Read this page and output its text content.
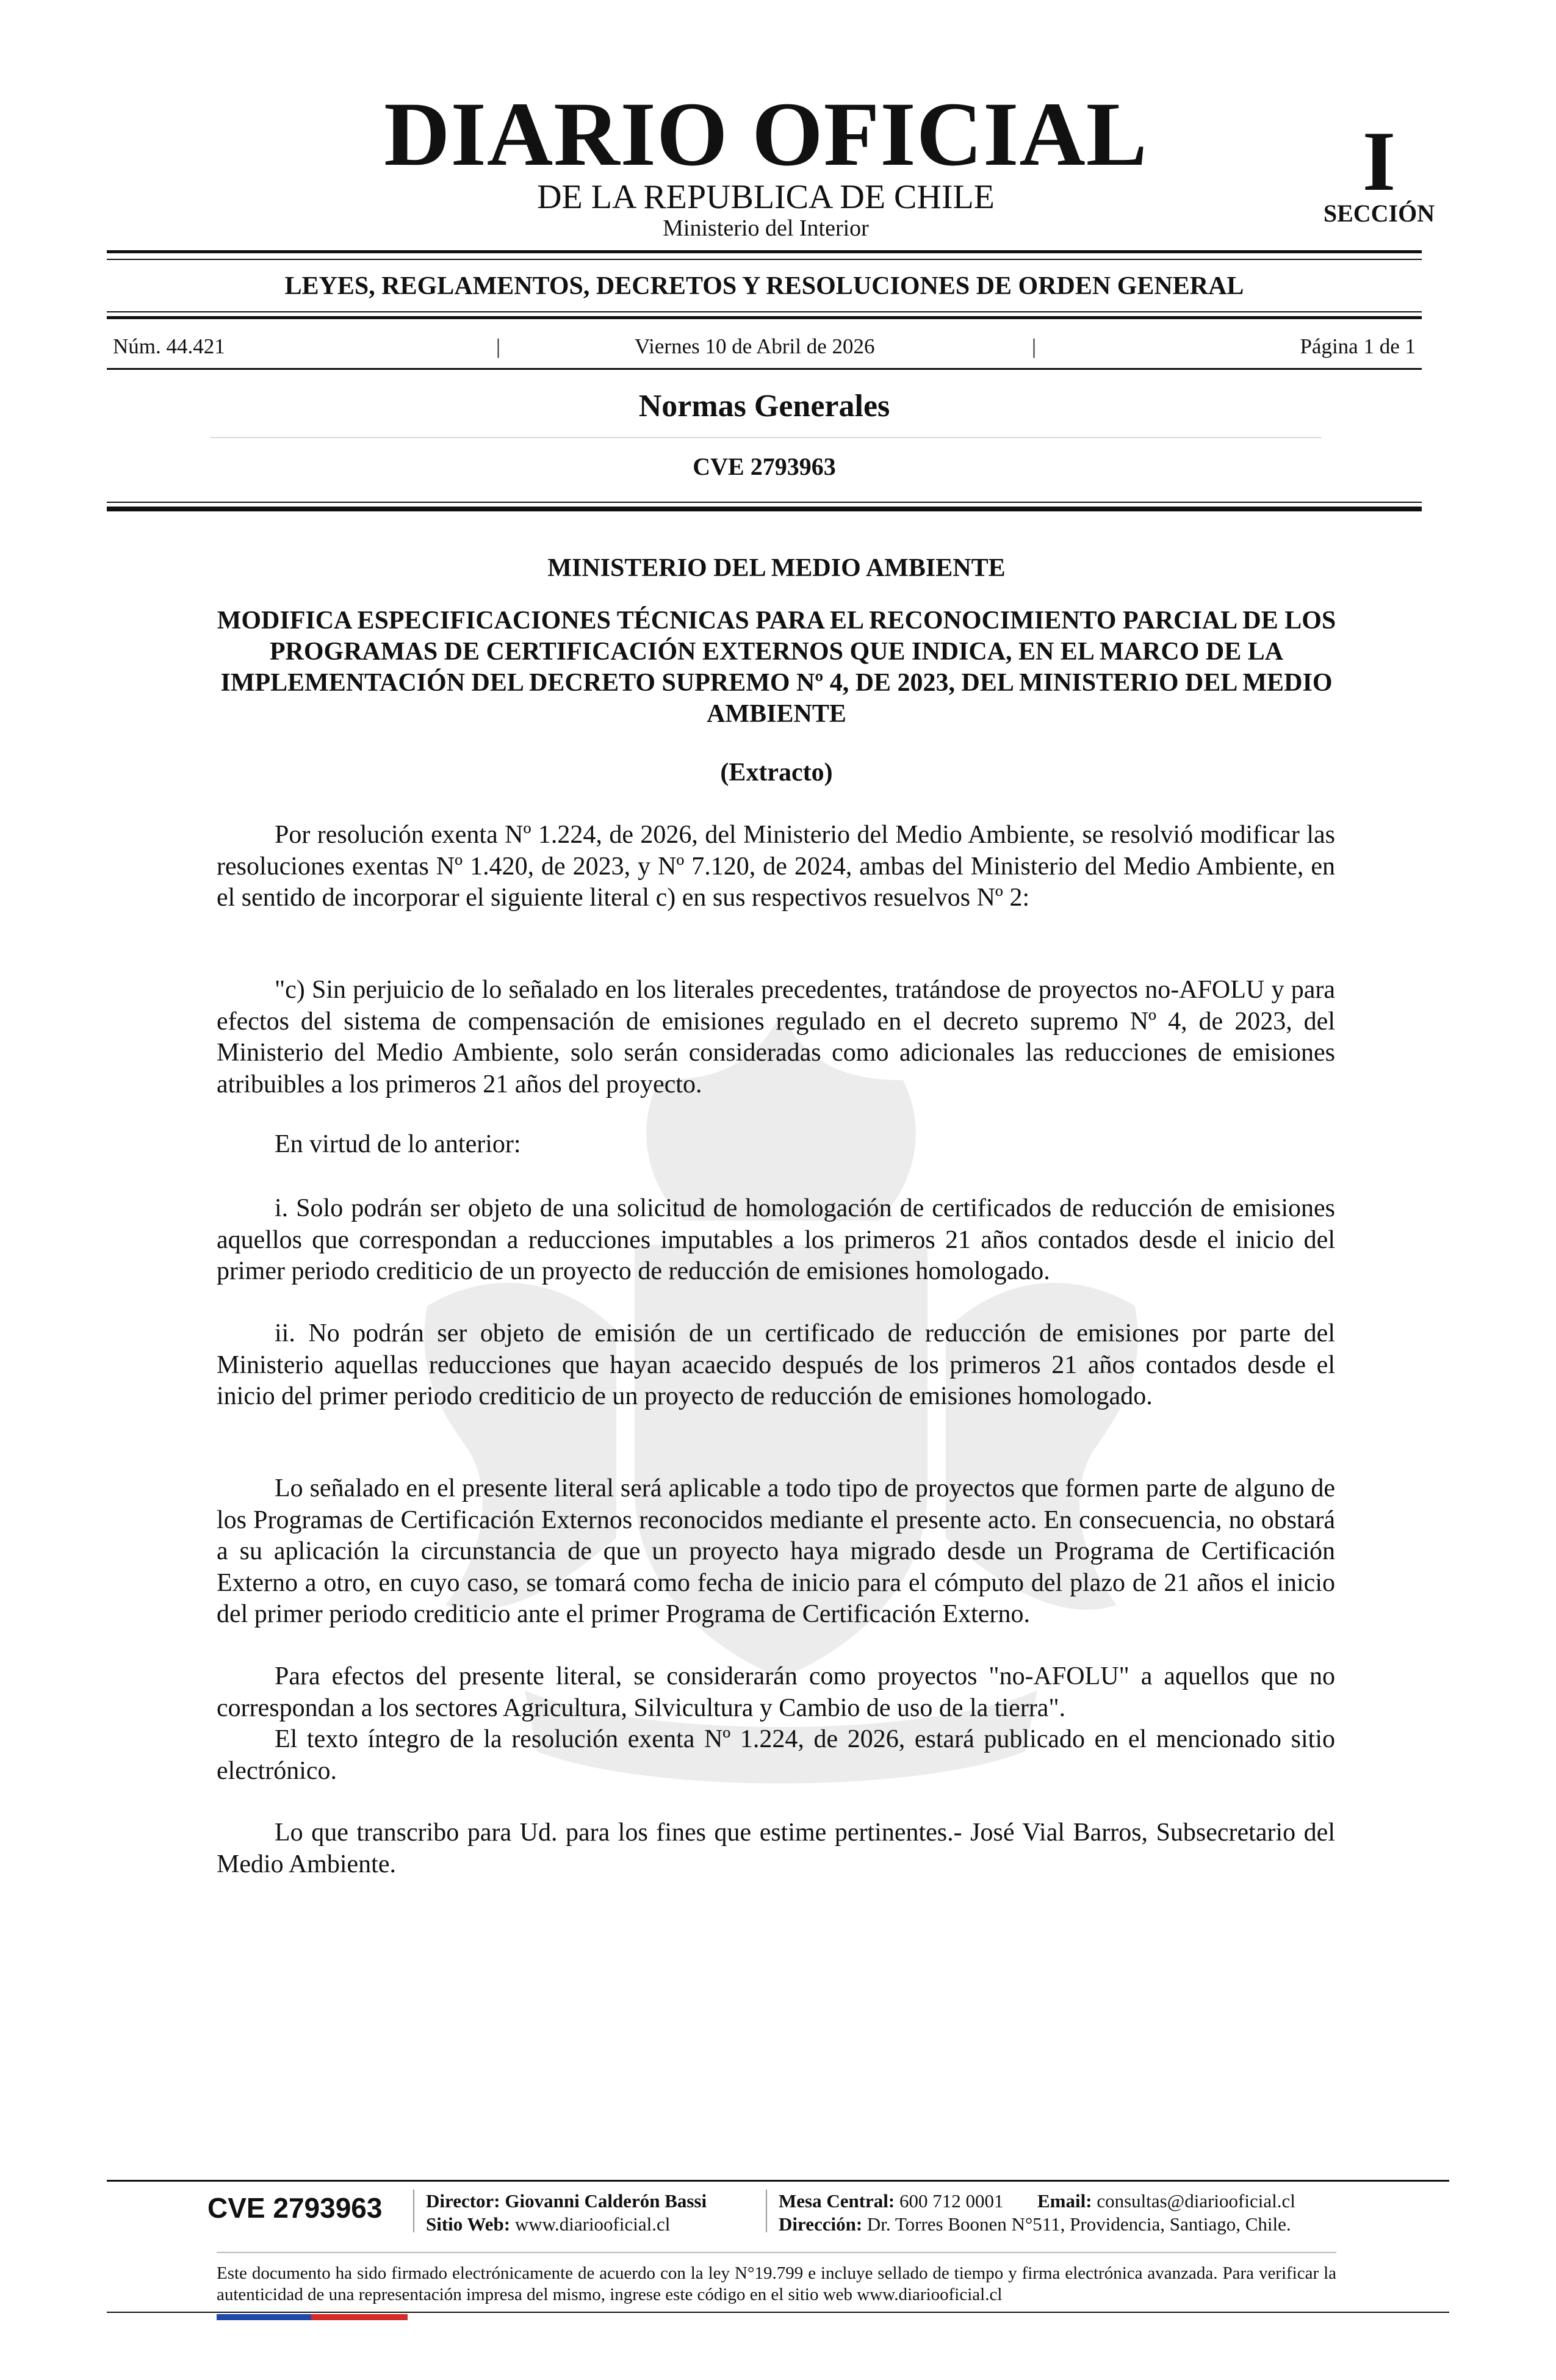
DIARIO OFICIAL
DE LA REPUBLICA DE CHILE
Ministerio del Interior
I
SECCIÓN
LEYES, REGLAMENTOS, DECRETOS Y RESOLUCIONES DE ORDEN GENERAL
Núm. 44.421	|	Viernes 10 de Abril de 2026	|	Página 1 de 1
Normas Generales
CVE 2793963
MINISTERIO DEL MEDIO AMBIENTE
MODIFICA ESPECIFICACIONES TÉCNICAS PARA EL RECONOCIMIENTO PARCIAL DE LOS PROGRAMAS DE CERTIFICACIÓN EXTERNOS QUE INDICA, EN EL MARCO DE LA IMPLEMENTACIÓN DEL DECRETO SUPREMO Nº 4, DE 2023, DEL MINISTERIO DEL MEDIO AMBIENTE
(Extracto)

Por resolución exenta Nº 1.224, de 2026, del Ministerio del Medio Ambiente, se resolvió modificar las resoluciones exentas Nº 1.420, de 2023, y Nº 7.120, de 2024, ambas del Ministerio del Medio Ambiente, en el sentido de incorporar el siguiente literal c) en sus respectivos resuelvos Nº 2:

"c) Sin perjuicio de lo señalado en los literales precedentes, tratándose de proyectos no-AFOLU y para efectos del sistema de compensación de emisiones regulado en el decreto supremo Nº 4, de 2023, del Ministerio del Medio Ambiente, solo serán consideradas como adicionales las reducciones de emisiones atribuibles a los primeros 21 años del proyecto.

En virtud de lo anterior:

i. Solo podrán ser objeto de una solicitud de homologación de certificados de reducción de emisiones aquellos que correspondan a reducciones imputables a los primeros 21 años contados desde el inicio del primer periodo crediticio de un proyecto de reducción de emisiones homologado.

ii. No podrán ser objeto de emisión de un certificado de reducción de emisiones por parte del Ministerio aquellas reducciones que hayan acaecido después de los primeros 21 años contados desde el inicio del primer periodo crediticio de un proyecto de reducción de emisiones homologado.

Lo señalado en el presente literal será aplicable a todo tipo de proyectos que formen parte de alguno de los Programas de Certificación Externos reconocidos mediante el presente acto. En consecuencia, no obstará a su aplicación la circunstancia de que un proyecto haya migrado desde un Programa de Certificación Externo a otro, en cuyo caso, se tomará como fecha de inicio para el cómputo del plazo de 21 años el inicio del primer periodo crediticio ante el primer Programa de Certificación Externo.

Para efectos del presente literal, se considerarán como proyectos "no-AFOLU" a aquellos que no correspondan a los sectores Agricultura, Silvicultura y Cambio de uso de la tierra".

El texto íntegro de la resolución exenta Nº 1.224, de 2026, estará publicado en el mencionado sitio electrónico.

Lo que transcribo para Ud. para los fines que estime pertinentes.- José Vial Barros, Subsecretario del Medio Ambiente.

CVE 2793963	Director: Giovanni Calderón Bassi
Sitio Web: www.diariooficial.cl
Mesa Central: 600 712 0001 Email: consultas@diariooficial.cl
Dirección: Dr. Torres Boonen N°511, Providencia, Santiago, Chile.

Este documento ha sido firmado electrónicamente de acuerdo con la ley N°19.799 e incluye sellado de tiempo y firma electrónica avanzada. Para verificar la autenticidad de una representación impresa del mismo, ingrese este código en el sitio web www.diariooficial.cl
